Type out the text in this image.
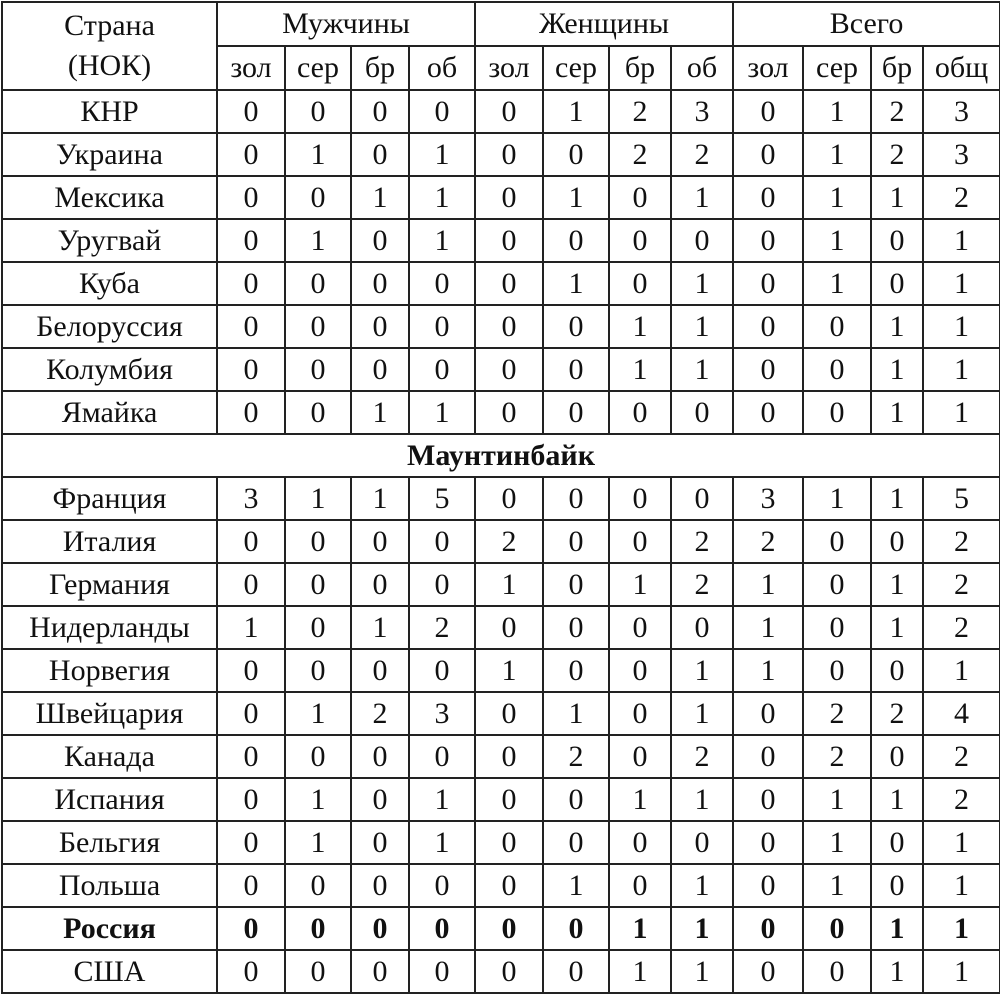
Страна
(НОК)	Мужчины				Женщины				Всего			
	зол	сер	бр	об	зол	сер	бр	об	зол	сер	бр	общ
КНР	0	0	0	0	0	1	2	3	0	1	2	3
Украина	0	1	0	1	0	0	2	2	0	1	2	3
Мексика	0	0	1	1	0	1	0	1	0	1	1	2
Уругвай	0	1	0	1	0	0	0	0	0	1	0	1
Куба	0	0	0	0	0	1	0	1	0	1	0	1
Белоруссия	0	0	0	0	0	0	1	1	0	0	1	1
Колумбия	0	0	0	0	0	0	1	1	0	0	1	1
Ямайка	0	0	1	1	0	0	0	0	0	0	1	1
Маунтинбайк												
Франция	3	1	1	5	0	0	0	0	3	1	1	5
Италия	0	0	0	0	2	0	0	2	2	0	0	2
Германия	0	0	0	0	1	0	1	2	1	0	1	2
Нидерланды	1	0	1	2	0	0	0	0	1	0	1	2
Норвегия	0	0	0	0	1	0	0	1	1	0	0	1
Швейцария	0	1	2	3	0	1	0	1	0	2	2	4
Канада	0	0	0	0	0	2	0	2	0	2	0	2
Испания	0	1	0	1	0	0	1	1	0	1	1	2
Бельгия	0	1	0	1	0	0	0	0	0	1	0	1
Польша	0	0	0	0	0	1	0	1	0	1	0	1
Россия	0	0	0	0	0	0	1	1	0	0	1	1
США	0	0	0	0	0	0	1	1	0	0	1	1
